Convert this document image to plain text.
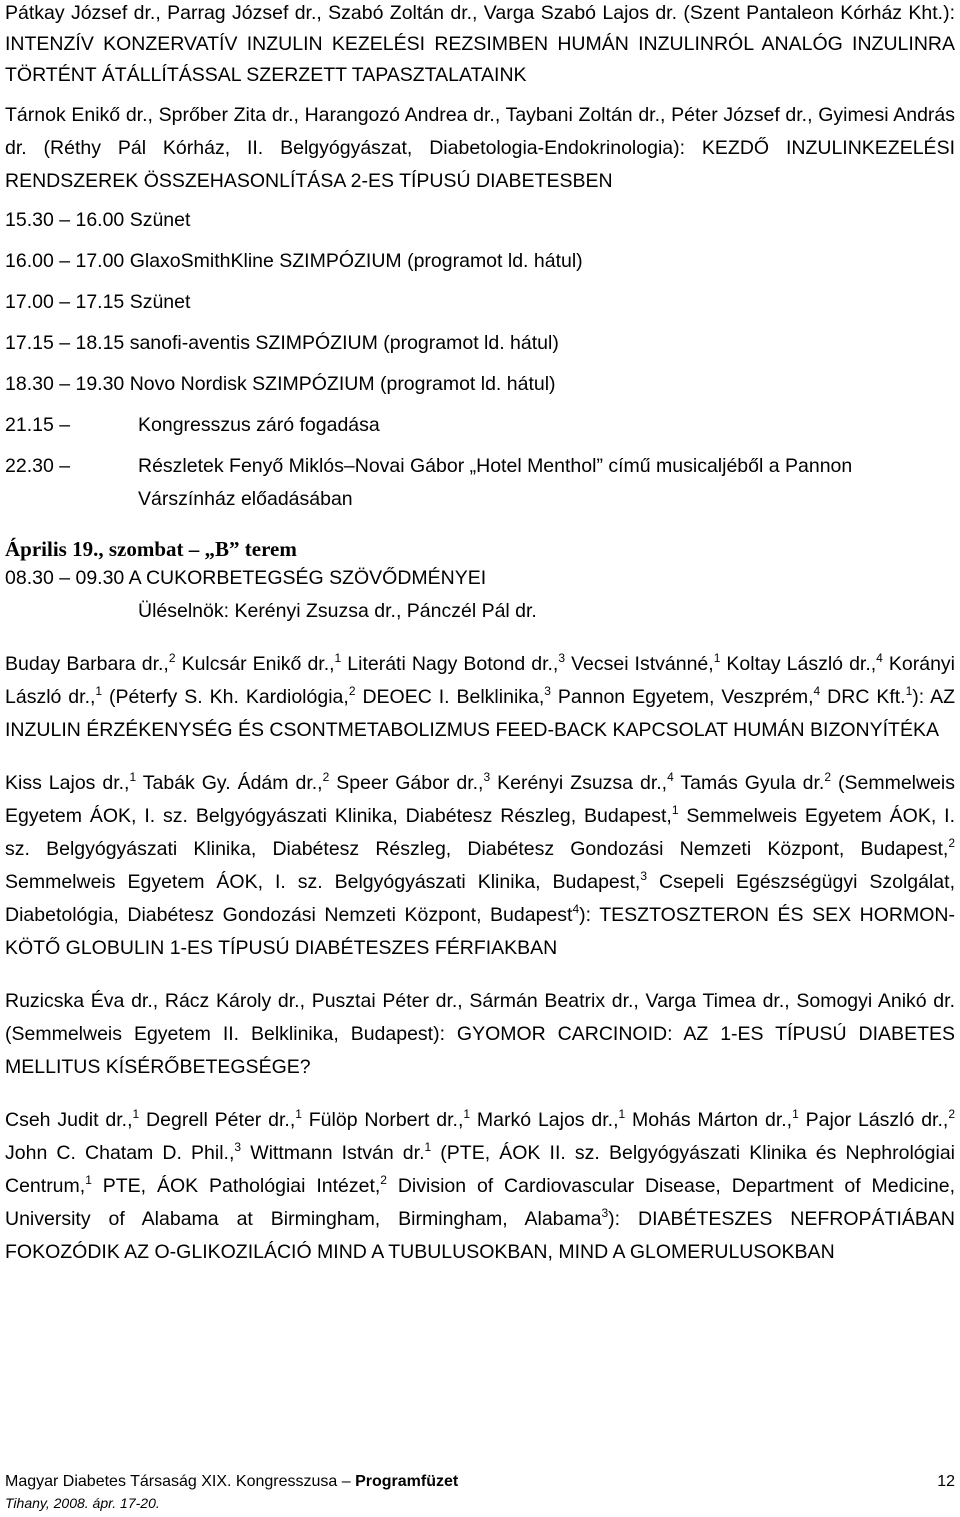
Pátkay József dr., Parrag József dr., Szabó Zoltán dr., Varga Szabó Lajos dr. (Szent Pantaleon Kórház Kht.): INTENZÍV KONZERVATÍV INZULIN KEZELÉSI REZSIMBEN HUMÁN INZULINRÓL ANALÓG INZULINRA TÖRTÉNT ÁTÁLLÍTÁSSAL SZERZETT TAPASZTALATAINK

Tárnok Enikő dr., Sprőber Zita dr., Harangozó Andrea dr., Taybani Zoltán dr., Péter József dr., Gyimesi András dr. (Réthy Pál Kórház, II. Belgyógyászat, Diabetologia-Endokrinologia): KEZDŐ INZULINKEZELÉSI RENDSZEREK ÖSSZEHASONLÍTÁSA 2-ES TÍPUSÚ DIABETESBEN

15.30 – 16.00 Szünet

16.00 – 17.00 GlaxoSmithKline SZIMPÓZIUM (programot ld. hátul)

17.00 – 17.15 Szünet

17.15 – 18.15 sanofi-aventis SZIMPÓZIUM (programot ld. hátul)

18.30 – 19.30 Novo Nordisk SZIMPÓZIUM (programot ld. hátul)

21.15 –	Kongresszus záró fogadása
22.30 –	Részletek Fenyő Miklós–Novai Gábor „Hotel Menthol” című musicaljéből a Pannon Várszínház előadásában

Április 19., szombat – „B” terem

08.30 – 09.30 A CUKORBETEGSÉG SZÖVŐDMÉNYEI

Üléselnök: Kerényi Zsuzsa dr., Pánczél Pál dr.

Buday Barbara dr.,$^2$ Kulcsár Enikő dr.,$^1$ Literáti Nagy Botond dr.,$^3$ Vecsei Istvánné,$^1$ Koltay László dr.,$^4$ Korányi László dr.,$^1$ (Péterfy S. Kh. Kardiológia,$^2$ DEOEC I. Belklinika,$^3$ Pannon Egyetem, Veszprém,$^4$ DRC Kft.$^1$): AZ INZULIN ÉRZÉKENYSÉG ÉS CSONTMETABOLIZMUS FEED-BACK KAPCSOLAT HUMÁN BIZONYÍTÉKA

Kiss Lajos dr.,$^1$ Tabák Gy. Ádám dr.,$^2$ Speer Gábor dr.,$^3$ Kerényi Zsuzsa dr.,$^4$ Tamás Gyula dr.$^2$ (Semmelweis Egyetem ÁOK, I. sz. Belgyógyászati Klinika, Diabétesz Részleg, Budapest,$^1$ Semmelweis Egyetem ÁOK, I. sz. Belgyógyászati Klinika, Diabétesz Részleg, Diabétesz Gondozási Nemzeti Központ, Budapest,$^2$ Semmelweis Egyetem ÁOK, I. sz. Belgyógyászati Klinika, Budapest,$^3$ Csepeli Egészségügyi Szolgálat, Diabetológia, Diabétesz Gondozási Nemzeti Központ, Budapest$^4$): TESZTOSZTERON ÉS SEX HORMON-KÖTŐ GLOBULIN 1-ES TÍPUSÚ DIABÉTESZES FÉRFIAKBAN

Ruzicska Éva dr., Rácz Károly dr., Pusztai Péter dr., Sármán Beatrix dr., Varga Timea dr., Somogyi Anikó dr. (Semmelweis Egyetem II. Belklinika, Budapest): GYOMOR CARCINOID: AZ 1-ES TÍPUSÚ DIABETES MELLITUS KÍSÉRŐBETEGSÉGE?

Cseh Judit dr.,$^1$ Degrell Péter dr.,$^1$ Fülöp Norbert dr.,$^1$ Markó Lajos dr.,$^1$ Mohás Márton dr.,$^1$ Pajor László dr.,$^2$ John C. Chatam D. Phil.,$^3$ Wittmann István dr.$^1$ (PTE, ÁOK II. sz. Belgyógyászati Klinika és Nephrológiai Centrum,$^1$ PTE, ÁOK Pathológiai Intézet,$^2$ Division of Cardiovascular Disease, Department of Medicine, University of Alabama at Birmingham, Birmingham, Alabama$^3$): DIABÉTESZES NEFROPÁTIÁBAN FOKOZÓDIK AZ O-GLIKOZILÁCIÓ MIND A TUBULUSOKBAN, MIND A GLOMERULUSOKBAN

Magyar Diabetes Társaság XIX. Kongresszusa – Programfüzet	12
Tihany, 2008. ápr. 17-20.
